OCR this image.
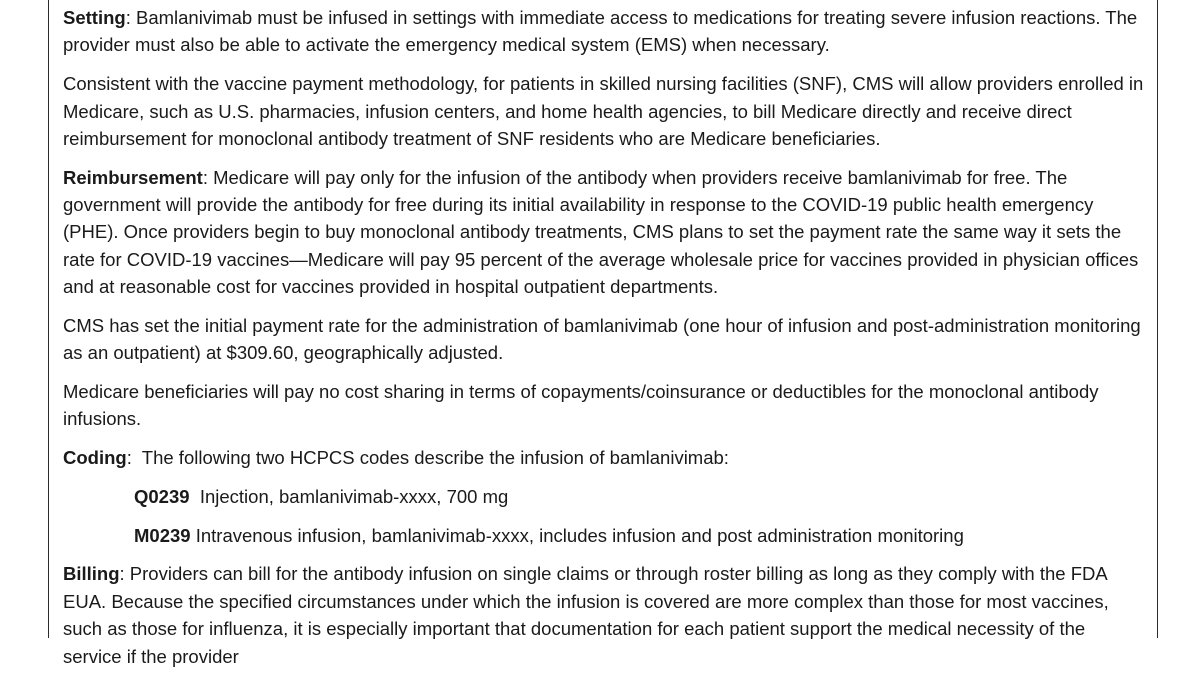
Setting: Bamlanivimab must be infused in settings with immediate access to medications for treating severe infusion reactions. The provider must also be able to activate the emergency medical system (EMS) when necessary.

Consistent with the vaccine payment methodology, for patients in skilled nursing facilities (SNF), CMS will allow providers enrolled in Medicare, such as U.S. pharmacies, infusion centers, and home health agencies, to bill Medicare directly and receive direct reimbursement for monoclonal antibody treatment of SNF residents who are Medicare beneficiaries.

Reimbursement: Medicare will pay only for the infusion of the antibody when providers receive bamlanivimab for free. The government will provide the antibody for free during its initial availability in response to the COVID-19 public health emergency (PHE). Once providers begin to buy monoclonal antibody treatments, CMS plans to set the payment rate the same way it sets the rate for COVID-19 vaccines—Medicare will pay 95 percent of the average wholesale price for vaccines provided in physician offices and at reasonable cost for vaccines provided in hospital outpatient departments.

CMS has set the initial payment rate for the administration of bamlanivimab (one hour of infusion and post-administration monitoring as an outpatient) at $309.60, geographically adjusted.

Medicare beneficiaries will pay no cost sharing in terms of copayments/coinsurance or deductibles for the monoclonal antibody infusions.

Coding:  The following two HCPCS codes describe the infusion of bamlanivimab:

Q0239  Injection, bamlanivimab-xxxx, 700 mg
M0239 Intravenous infusion, bamlanivimab-xxxx, includes infusion and post administration monitoring

Billing: Providers can bill for the antibody infusion on single claims or through roster billing as long as they comply with the FDA EUA. Because the specified circumstances under which the infusion is covered are more complex than those for most vaccines, such as those for influenza, it is especially important that documentation for each patient support the medical necessity of the service if the provider
